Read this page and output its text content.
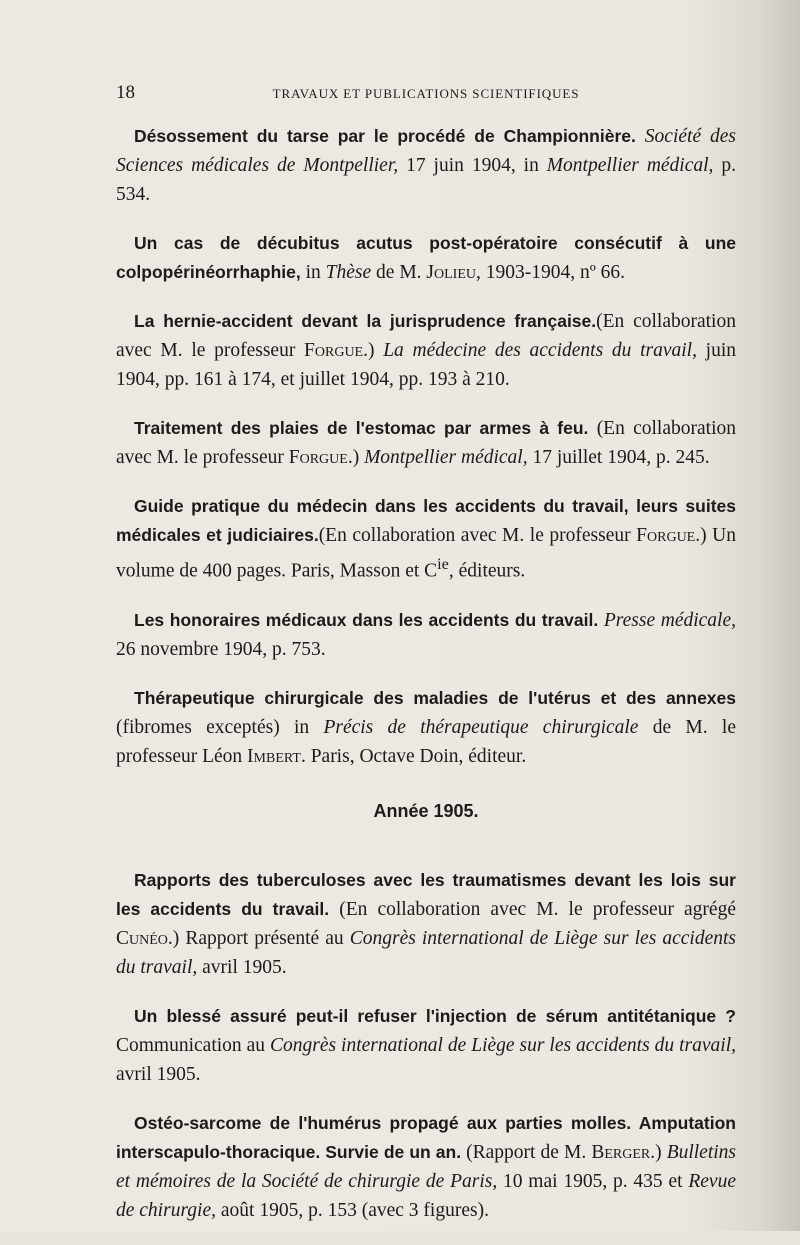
18	TRAVAUX ET PUBLICATIONS SCIENTIFIQUES

Désossement du tarse par le procédé de Championnière. Société des Sciences médicales de Montpellier, 17 juin 1904, in Montpellier médical, p. 534.

Un cas de décubitus acutus post-opératoire consécutif à une colpopérinéorrhaphie, in Thèse de M. Jolieu, 1903-1904, nº 66.

La hernie-accident devant la jurisprudence française.(En collaboration avec M. le professeur Forgue.) La médecine des accidents du travail, juin 1904, pp. 161 à 174, et juillet 1904, pp. 193 à 210.

Traitement des plaies de l'estomac par armes à feu. (En collaboration avec M. le professeur Forgue.) Montpellier médical, 17 juillet 1904, p. 245.

Guide pratique du médecin dans les accidents du travail, leurs suites médicales et judiciaires.(En collaboration avec M. le professeur Forgue.) Un volume de 400 pages. Paris, Masson et $C^{ie}$, éditeurs.

Les honoraires médicaux dans les accidents du travail. Presse médicale, 26 novembre 1904, p. 753.

Thérapeutique chirurgicale des maladies de l'utérus et des annexes (fibromes exceptés) in Précis de thérapeutique chirurgicale de M. le professeur Léon Imbert. Paris, Octave Doin, éditeur.

Année 1905.

Rapports des tuberculoses avec les traumatismes devant les lois sur les accidents du travail. (En collaboration avec M. le professeur agrégé Cunéo.) Rapport présenté au Congrès international de Liège sur les accidents du travail, avril 1905.

Un blessé assuré peut-il refuser l'injection de sérum antitétanique ? Communication au Congrès international de Liège sur les accidents du travail, avril 1905.

Ostéo-sarcome de l'humérus propagé aux parties molles. Amputation interscapulo-thoracique. Survie de un an. (Rapport de M. Berger.) Bulletins et mémoires de la Société de chirurgie de Paris, 10 mai 1905, p. 435 et Revue de chirurgie, août 1905, p. 153 (avec 3 figures).
